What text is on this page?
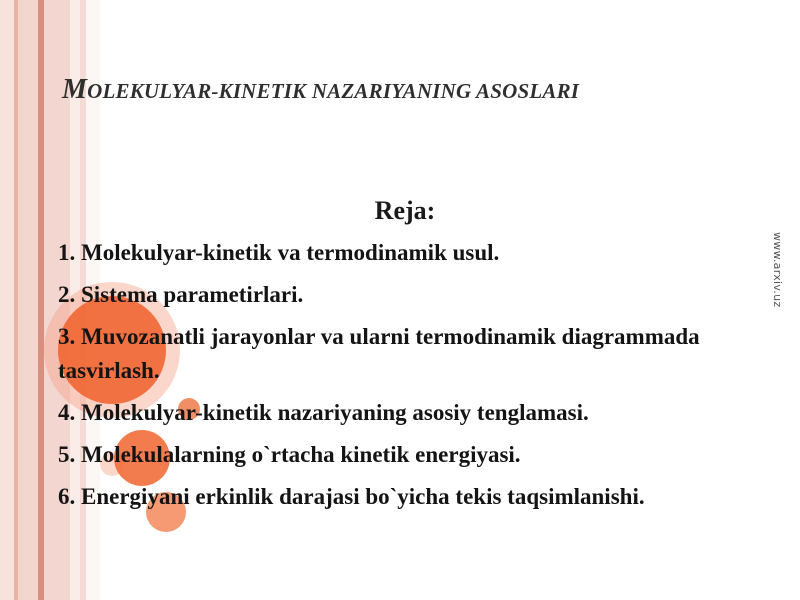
MOLEKULYAR-KINETIK NAZARIYANING ASOSLARI
Reja:
1. Molekulyar-kinetik va termodinamik usul.
2. Sistema parametirlari.
3. Muvozanatli jarayonlar va ularni termodinamik diagrammada tasvirlash.
4. Molekulyar-kinetik nazariyaning asosiy tenglamasi.
5. Molekulalarning o`rtacha kinetik energiyasi.
6. Energiyani erkinlik darajasi bo`yicha tekis taqsimlanishi.
www.arxiv.uz
